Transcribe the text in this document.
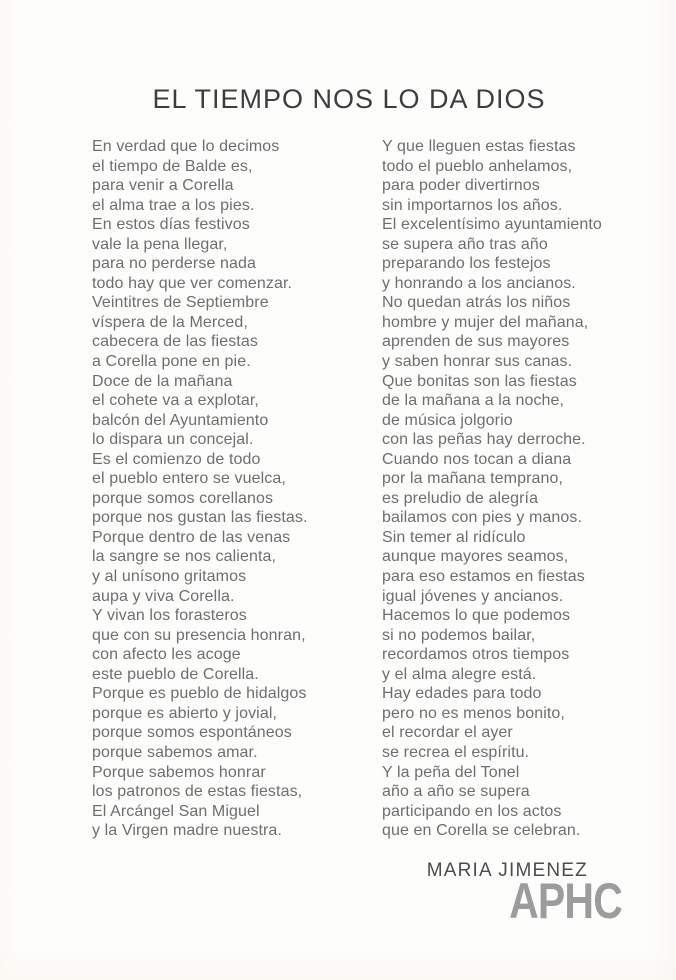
EL TIEMPO NOS LO DA DIOS
En verdad que lo decimos
el tiempo de Balde es,
para venir a Corella
el alma trae a los pies.
En estos días festivos
vale la pena llegar,
para no perderse nada
todo hay que ver comenzar.
Veintitres de Septiembre
víspera de la Merced,
cabecera de las fiestas
a Corella pone en pie.
Doce de la mañana
el cohete va a explotar,
balcón del Ayuntamiento
lo dispara un concejal.
Es el comienzo de todo
el pueblo entero se vuelca,
porque somos corellanos
porque nos gustan las fiestas.
Porque dentro de las venas
la sangre se nos calienta,
y al unísono gritamos
aupa y viva Corella.
Y vivan los forasteros
que con su presencia honran,
con afecto les acoge
este pueblo de Corella.
Porque es pueblo de hidalgos
porque es abierto y jovial,
porque somos espontáneos
porque sabemos amar.
Porque sabemos honrar
los patronos de estas fiestas,
El Arcángel San Miguel
y la Virgen madre nuestra.
Y que lleguen estas fiestas
todo el pueblo anhelamos,
para poder divertirnos
sin importarnos los años.
El excelentísimo ayuntamiento
se supera año tras año
preparando los festejos
y honrando a los ancianos.
No quedan atrás los niños
hombre y mujer del mañana,
aprenden de sus mayores
y saben honrar sus canas.
Que bonitas son las fiestas
de la mañana a la noche,
de música jolgorio
con las peñas hay derroche.
Cuando nos tocan a diana
por la mañana temprano,
es preludio de alegría
bailamos con pies y manos.
Sin temer al ridículo
aunque mayores seamos,
para eso estamos en fiestas
igual jóvenes y ancianos.
Hacemos lo que podemos
si no podemos bailar,
recordamos otros tiempos
y el alma alegre está.
Hay edades para todo
pero no es menos bonito,
el recordar el ayer
se recrea el espíritu.
Y la peña del Tonel
año a año se supera
participando en los actos
que en Corella se celebran.
MARIA JIMENEZ
APHC
